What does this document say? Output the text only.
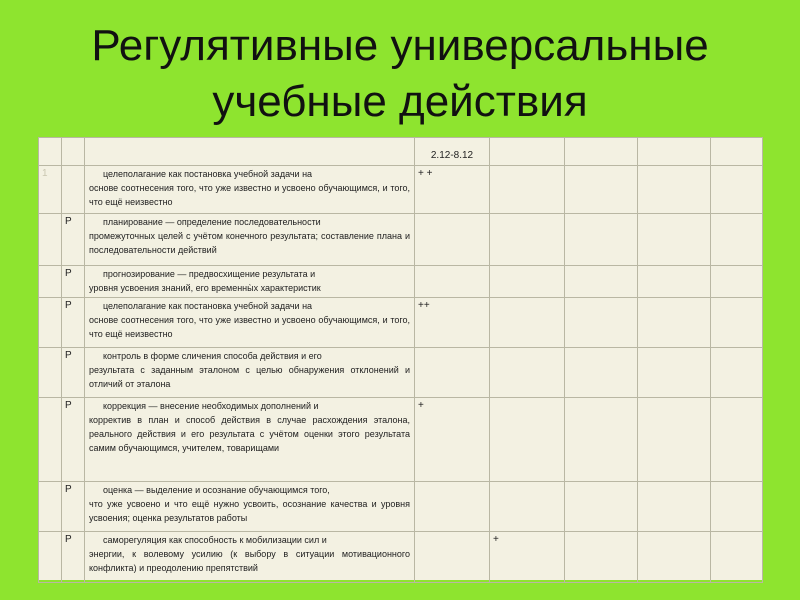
Регулятивные универсальные
учебные действия
			2.12-8.12				
1		целеполагание как постановка учебной задачи на
основе соотнесения того, что уже известно и усвоено обучающимся, и того, что ещё неизвестно	+ +				
	Р	планирование — определение последовательности
промежуточных целей с учётом конечного результата; составление плана и последовательности действий					

	Р	прогнозирование — предвосхищение результата и
уровня усвоения знаний, его временны̀х характеристик					

	Р	целеполагание как постановка учебной задачи на
основе соотнесения того, что уже известно и усвоено обучающимся, и того, что ещё неизвестно	++				
	Р	контроль в форме сличения способа действия и его
результата с заданным эталоном с целью обнаружения отклонений и отличий от эталона					

	Р	коррекция — внесение необходимых дополнений и
корректив в план и способ действия в случае расхождения эталона, реального действия и его результата с учётом оценки этого результата самим обучающимся, учителем, товарищами	+				
	Р	оценка — выделение и осознание обучающимся того,
что уже усвоено и что ещё нужно усвоить, осознание качества и уровня усвоения; оценка результатов работы					

	Р	саморегуляция как способность к мобилизации сил и
энергии, к волевому усилию (к выбору в ситуации мотивационного конфликта) и преодолению препятствий		+			
